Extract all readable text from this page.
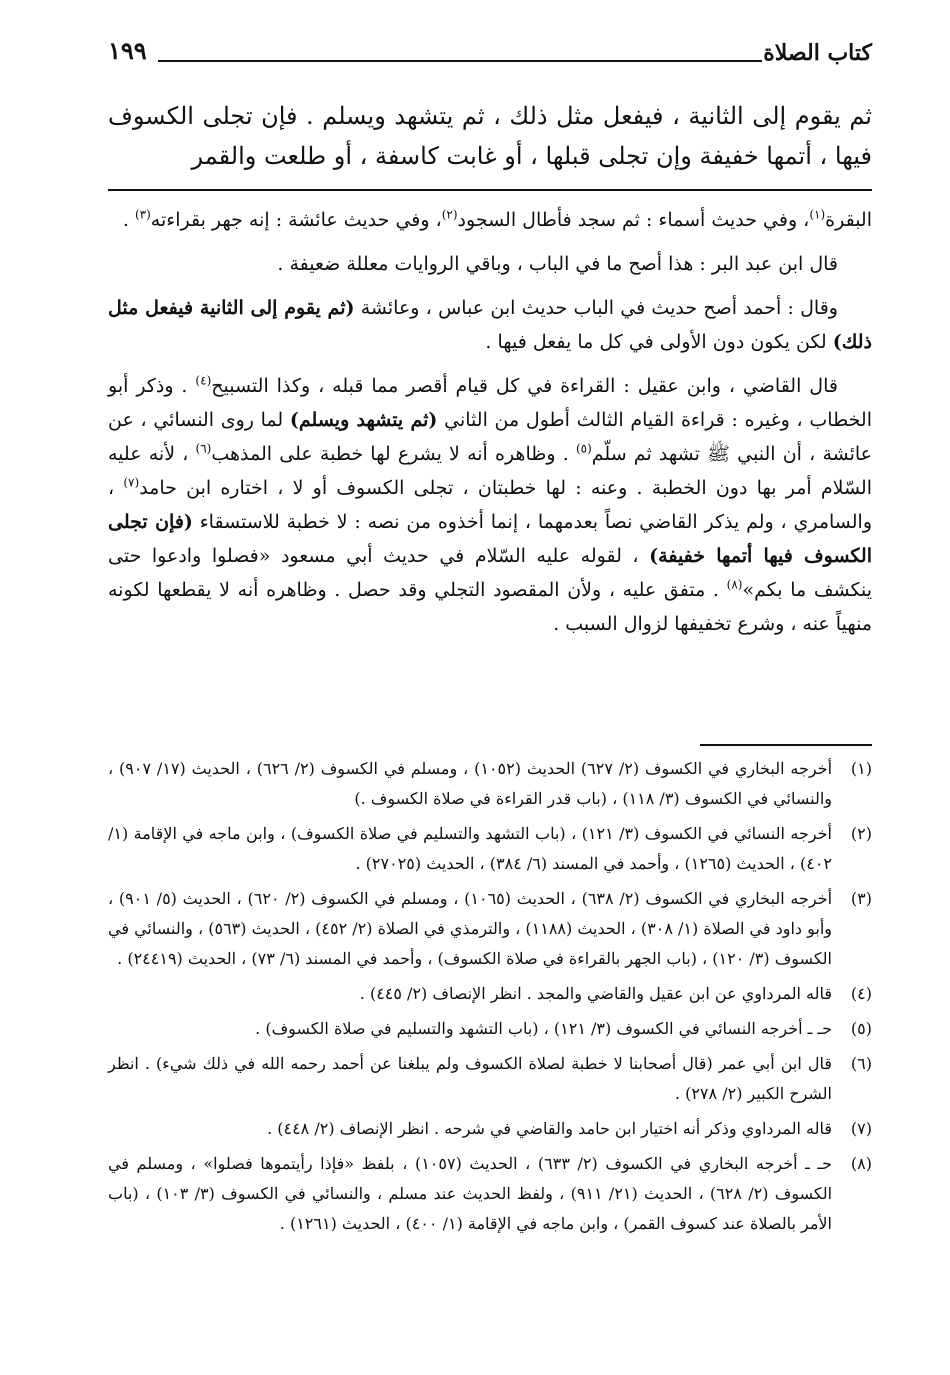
كتاب الصلاة
١٩٩
ثم يقوم إلى الثانية ، فيفعل مثل ذلك ، ثم يتشهد ويسلم . فإن تجلى الكسوف فيها ، أتمها خفيفة وإن تجلى قبلها ، أو غابت كاسفة ، أو طلعت والقمر

البقرة$^{(١)}$، وفي حديث أسماء : ثم سجد فأطال السجود$^{(٢)}$، وفي حديث عائشة : إنه جهر بقراءته$^{(٣)}$ .

قال ابن عبد البر : هذا أصح ما في الباب ، وباقي الروايات معللة ضعيفة .

وقال : أحمد أصح حديث في الباب حديث ابن عباس ، وعائشة (ثم يقوم إلى الثانية فيفعل مثل ذلك) لكن يكون دون الأولى في كل ما يفعل فيها .

قال القاضي ، وابن عقيل : القراءة في كل قيام أقصر مما قبله ، وكذا التسبيح$^{(٤)}$ . وذكر أبو الخطاب ، وغيره : قراءة القيام الثالث أطول من الثاني (ثم يتشهد ويسلم) لما روى النسائي ، عن عائشة ، أن النبي ﷺ تشهد ثم سلّم$^{(٥)}$ . وظاهره أنه لا يشرع لها خطبة على المذهب$^{(٦)}$ ، لأنه عليه السّلام أمر بها دون الخطبة . وعنه : لها خطبتان ، تجلى الكسوف أو لا ، اختاره ابن حامد$^{(٧)}$ ، والسامري ، ولم يذكر القاضي نصاً بعدمهما ، إنما أخذوه من نصه : لا خطبة للاستسقاء (فإن تجلى الكسوف فيها أتمها خفيفة) ، لقوله عليه السّلام في حديث أبي مسعود «فصلوا وادعوا حتى ينكشف ما بكم»$^{(٨)}$ . متفق عليه ، ولأن المقصود التجلي وقد حصل . وظاهره أنه لا يقطعها لكونه منهياً عنه ، وشرع تخفيفها لزوال السبب .

(١)
أخرجه البخاري في الكسوف (٢/ ٦٢٧) الحديث (١٠٥٢) ، ومسلم في الكسوف (٢/ ٦٢٦) ، الحديث (١٧/ ٩٠٧) ، والنسائي في الكسوف (٣/ ١١٨) ، (باب قدر القراءة في صلاة الكسوف .)
(٢)
أخرجه النسائي في الكسوف (٣/ ١٢١) ، (باب التشهد والتسليم في صلاة الكسوف) ، وابن ماجه في الإقامة (١/ ٤٠٢) ، الحديث (١٢٦٥) ، وأحمد في المسند (٦/ ٣٨٤) ، الحديث (٢٧٠٢٥) .
(٣)
أخرجه البخاري في الكسوف (٢/ ٦٣٨) ، الحديث (١٠٦٥) ، ومسلم في الكسوف (٢/ ٦٢٠) ، الحديث (٥/ ٩٠١) ، وأبو داود في الصلاة (١/ ٣٠٨) ، الحديث (١١٨٨) ، والترمذي في الصلاة (٢/ ٤٥٢) ، الحديث (٥٦٣) ، والنسائي في الكسوف (٣/ ١٢٠) ، (باب الجهر بالقراءة في صلاة الكسوف) ، وأحمد في المسند (٦/ ٧٣) ، الحديث (٢٤٤١٩) .
(٤)
قاله المرداوي عن ابن عقيل والقاضي والمجد . انظر الإنصاف (٢/ ٤٤٥) .
(٥)
حـ ـ أخرجه النسائي في الكسوف (٣/ ١٢١) ، (باب التشهد والتسليم في صلاة الكسوف) .
(٦)
قال ابن أبي عمر (قال أصحابنا لا خطبة لصلاة الكسوف ولم يبلغنا عن أحمد رحمه الله في ذلك شيء) . انظر الشرح الكبير (٢/ ٢٧٨) .
(٧)
قاله المرداوي وذكر أنه اختيار ابن حامد والقاضي في شرحه . انظر الإنصاف (٢/ ٤٤٨) .
(٨)
حـ ـ أخرجه البخاري في الكسوف (٢/ ٦٣٣) ، الحديث (١٠٥٧) ، بلفظ «فإذا رأيتموها فصلوا» ، ومسلم في الكسوف (٢/ ٦٢٨) ، الحديث (٢١/ ٩١١) ، ولفظ الحديث عند مسلم ، والنسائي في الكسوف (٣/ ١٠٣) ، (باب الأمر بالصلاة عند كسوف القمر) ، وابن ماجه في الإقامة (١/ ٤٠٠) ، الحديث (١٢٦١) .
